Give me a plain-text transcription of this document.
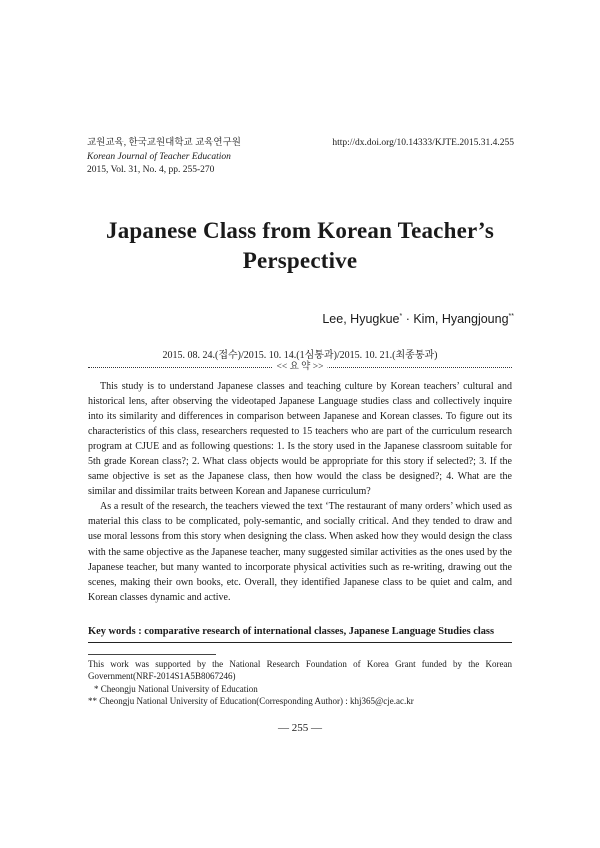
교원교육, 한국교원대학교 교육연구원
Korean Journal of Teacher Education
2015, Vol. 31, No. 4, pp. 255-270
http://dx.doi.org/10.14333/KJTE.2015.31.4.255
Japanese Class from Korean Teacher’s
Perspective
Lee, Hyugkue* · Kim, Hyangjoung**
2015. 08. 24.(접수)/2015. 10. 14.(1심통과)/2015. 10. 21.(최종통과)
<< 요 약 >>

This study is to understand Japanese classes and teaching culture by Korean teachers’ cultural and historical lens, after observing the videotaped Japanese Language studies class and collectively inquire into its similarity and differences in comparison between Japanese and Korean classes. To figure out its characteristics of this class, researchers requested to 15 teachers who are part of the curriculum research program at CJUE and as following questions: 1. Is the story used in the Japanese classroom suitable for 5th grade Korean class?; 2. What class objects would be appropriate for this story if selected?; 3. If the same objective is set as the Japanese class, then how would the class be designed?; 4. What are the similar and dissimilar traits between Korean and Japanese curriculum?

As a result of the research, the teachers viewed the text ‘The restaurant of many orders’ which used as material this class to be complicated, poly-semantic, and socially critical. And they tended to draw and use moral lessons from this story when designing the class. When asked how they would design the class with the same objective as the Japanese teacher, many suggested similar activities as the ones used by the Japanese teacher, but many wanted to incorporate physical activities such as re-writing, drawing out the scenes, making their own books, etc. Overall, they identified Japanese class to be quiet and calm, and Korean classes dynamic and active.

Key words : comparative research of international classes, Japanese Language Studies class
This work was supported by the National Research Foundation of Korea Grant funded by the Korean Government(NRF-2014S1A5B8067246)
* Cheongju National University of Education
** Cheongju National University of Education(Corresponding Author) : khj365@cje.ac.kr
― 255 ―
